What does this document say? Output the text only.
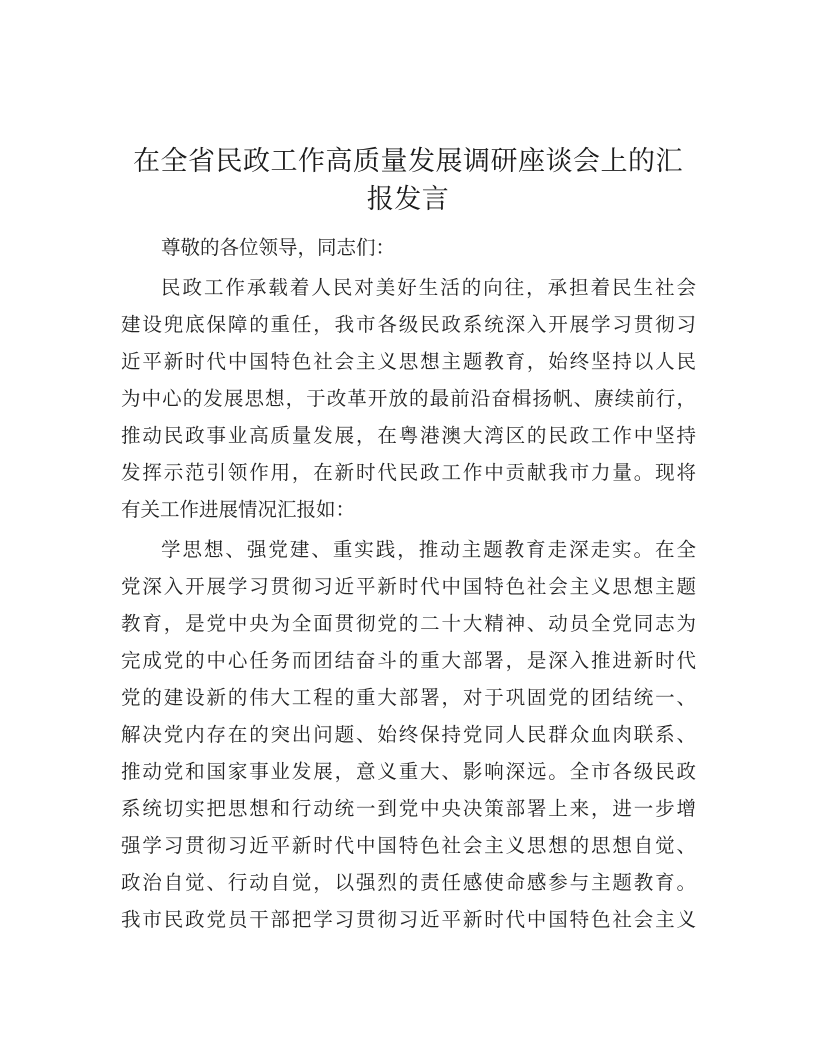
在全省民政工作高质量发展调研座谈会上的汇
报发言
尊敬的各位领导，同志们：
民政工作承载着人民对美好生活的向往，承担着民生社会
建设兜底保障的重任，我市各级民政系统深入开展学习贯彻习
近平新时代中国特色社会主义思想主题教育，始终坚持以人民
为中心的发展思想，于改革开放的最前沿奋楫扬帆、赓续前行，
推动民政事业高质量发展，在粤港澳大湾区的民政工作中坚持
发挥示范引领作用，在新时代民政工作中贡献我市力量。现将
有关工作进展情况汇报如：
学思想、强党建、重实践，推动主题教育走深走实。在全
党深入开展学习贯彻习近平新时代中国特色社会主义思想主题
教育，是党中央为全面贯彻党的二十大精神、动员全党同志为
完成党的中心任务而团结奋斗的重大部署，是深入推进新时代
党的建设新的伟大工程的重大部署，对于巩固党的团结统一、
解决党内存在的突出问题、始终保持党同人民群众血肉联系、
推动党和国家事业发展，意义重大、影响深远。全市各级民政
系统切实把思想和行动统一到党中央决策部署上来，进一步增
强学习贯彻习近平新时代中国特色社会主义思想的思想自觉、
政治自觉、行动自觉，以强烈的责任感使命感参与主题教育。
我市民政党员干部把学习贯彻习近平新时代中国特色社会主义
